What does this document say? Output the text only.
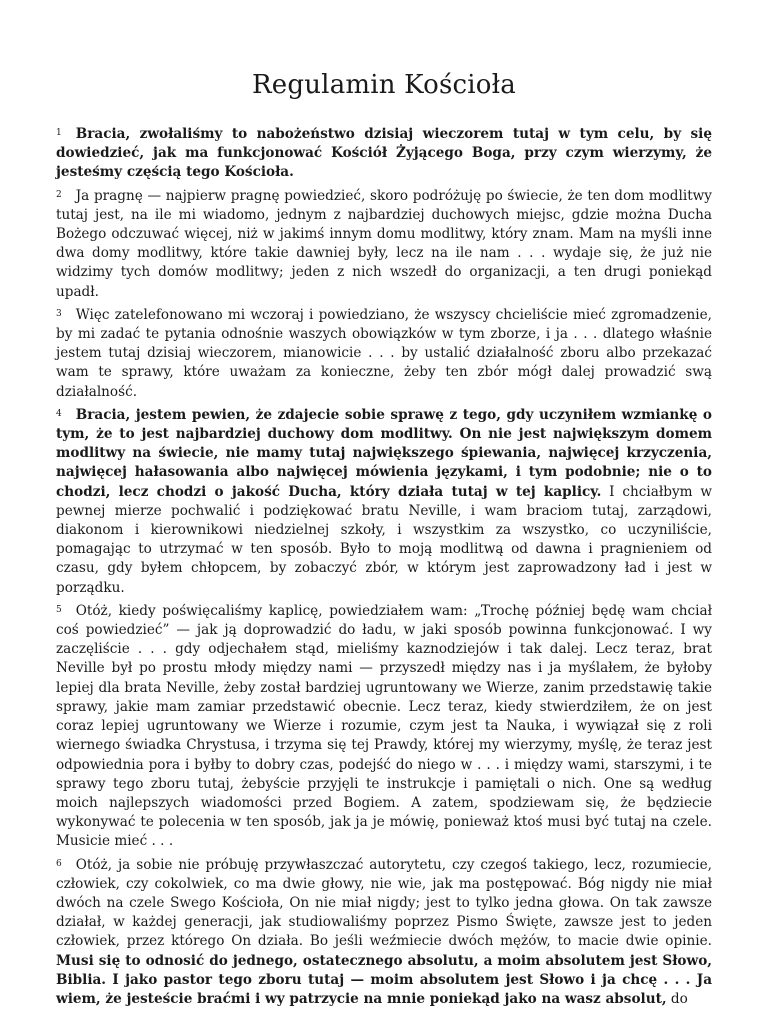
Regulamin Kościoła

$^1$ Bracia, zwołaliśmy to nabożeństwo dzisiaj wieczorem tutaj w tym celu, by się dowiedzieć, jak ma funkcjonować Kościół Żyjącego Boga, przy czym wierzymy, że jesteśmy częścią tego Kościoła.

$^2$ Ja pragnę — najpierw pragnę powiedzieć, skoro podróżuję po świecie, że ten dom modlitwy tutaj jest, na ile mi wiadomo, jednym z najbardziej duchowych miejsc, gdzie można Ducha Bożego odczuwać więcej, niż w jakimś innym domu modlitwy, który znam. Mam na myśli inne dwa domy modlitwy, które takie dawniej były, lecz na ile nam . . . wydaje się, że już nie widzimy tych domów modlitwy; jeden z nich wszedł do organizacji, a ten drugi poniekąd upadł.

$^3$ Więc zatelefonowano mi wczoraj i powiedziano, że wszyscy chcieliście mieć zgromadzenie, by mi zadać te pytania odnośnie waszych obowiązków w tym zborze, i ja . . . dlatego właśnie jestem tutaj dzisiaj wieczorem, mianowicie . . . by ustalić działalność zboru albo przekazać wam te sprawy, które uważam za konieczne, żeby ten zbór mógł dalej prowadzić swą działalność.

$^4$ Bracia, jestem pewien, że zdajecie sobie sprawę z tego, gdy uczyniłem wzmiankę o tym, że to jest najbardziej duchowy dom modlitwy. On nie jest największym domem modlitwy na świecie, nie mamy tutaj największego śpiewania, najwięcej krzyczenia, najwięcej hałasowania albo najwięcej mówienia językami, i tym podobnie; nie o to chodzi, lecz chodzi o jakość Ducha, który działa tutaj w tej kaplicy. I chciałbym w pewnej mierze pochwalić i podziękować bratu Neville, i wam braciom tutaj, zarządowi, diakonom i kierownikowi niedzielnej szkoły, i wszystkim za wszystko, co uczyniliście, pomagając to utrzymać w ten sposób. Było to moją modlitwą od dawna i pragnieniem od czasu, gdy byłem chłopcem, by zobaczyć zbór, w którym jest zaprowadzony ład i jest w porządku.

$^5$ Otóż, kiedy poświęcaliśmy kaplicę, powiedziałem wam: „Trochę później będę wam chciał coś powiedzieć” — jak ją doprowadzić do ładu, w jaki sposób powinna funkcjonować. I wy zaczęliście . . . gdy odjechałem stąd, mieliśmy kaznodziejów i tak dalej. Lecz teraz, brat Neville był po prostu młody między nami — przyszedł między nas i ja myślałem, że byłoby lepiej dla brata Neville, żeby został bardziej ugruntowany we Wierze, zanim przedstawię takie sprawy, jakie mam zamiar przedstawić obecnie. Lecz teraz, kiedy stwierdziłem, że on jest coraz lepiej ugruntowany we Wierze i rozumie, czym jest ta Nauka, i wywiązał się z roli wiernego świadka Chrystusa, i trzyma się tej Prawdy, której my wierzymy, myślę, że teraz jest odpowiednia pora i byłby to dobry czas, podejść do niego w . . . i między wami, starszymi, i te sprawy tego zboru tutaj, żebyście przyjęli te instrukcje i pamiętali o nich. One są według moich najlepszych wiadomości przed Bogiem. A zatem, spodziewam się, że będziecie wykonywać te polecenia w ten sposób, jak ja je mówię, ponieważ ktoś musi być tutaj na czele. Musicie mieć . . .

$^6$ Otóż, ja sobie nie próbuję przywłaszczać autorytetu, czy czegoś takiego, lecz, rozumiecie, człowiek, czy cokolwiek, co ma dwie głowy, nie wie, jak ma postępować. Bóg nigdy nie miał dwóch na czele Swego Kościoła, On nie miał nigdy; jest to tylko jedna głowa. On tak zawsze działał, w każdej generacji, jak studiowaliśmy poprzez Pismo Święte, zawsze jest to jeden człowiek, przez którego On działa. Bo jeśli weźmiecie dwóch mężów, to macie dwie opinie. Musi się to odnosić do jednego, ostatecznego absolutu, a moim absolutem jest Słowo, Biblia. I jako pastor tego zboru tutaj — moim absolutem jest Słowo i ja chcę . . . Ja wiem, że jesteście braćmi i wy patrzycie na mnie poniekąd jako na wasz absolut, do
